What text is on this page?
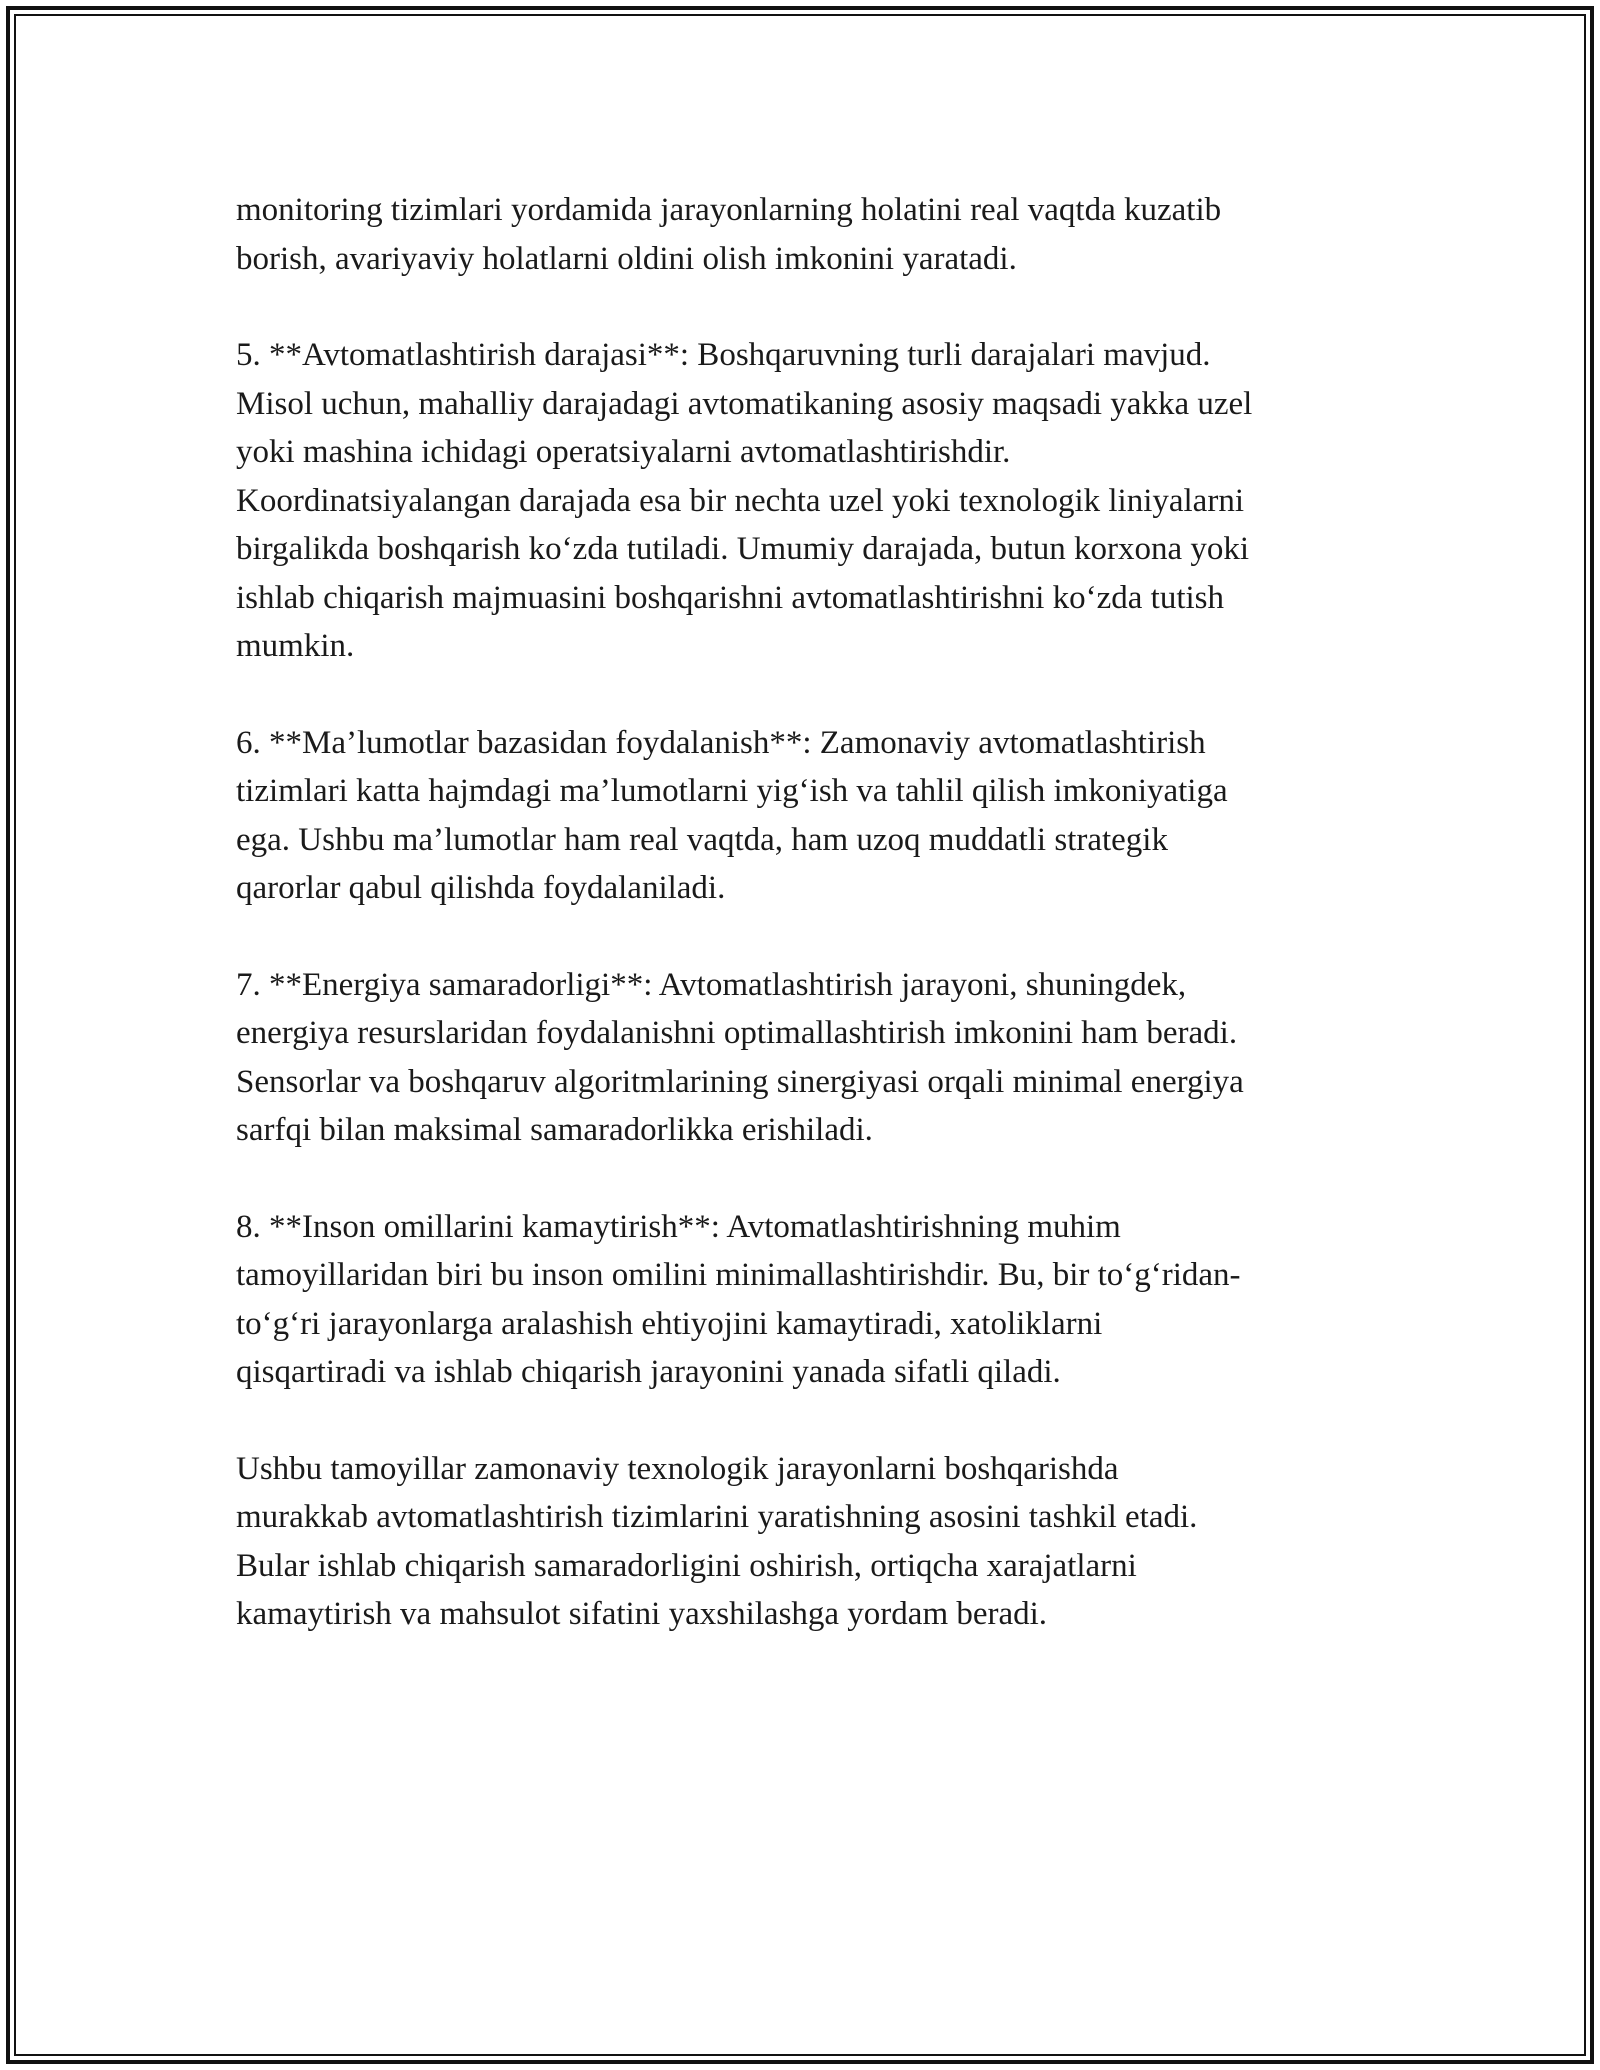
monitoring tizimlari yordamida jarayonlarning holatini real vaqtda kuzatib
borish, avariyaviy holatlarni oldini olish imkonini yaratadi.

5. **Avtomatlashtirish darajasi**: Boshqaruvning turli darajalari mavjud.
Misol uchun, mahalliy darajadagi avtomatikaning asosiy maqsadi yakka uzel
yoki mashina ichidagi operatsiyalarni avtomatlashtirishdir.
Koordinatsiyalangan darajada esa bir nechta uzel yoki texnologik liniyalarni
birgalikda boshqarish ko‘zda tutiladi. Umumiy darajada, butun korxona yoki
ishlab chiqarish majmuasini boshqarishni avtomatlashtirishni ko‘zda tutish
mumkin.

6. **Ma’lumotlar bazasidan foydalanish**: Zamonaviy avtomatlashtirish
tizimlari katta hajmdagi ma’lumotlarni yig‘ish va tahlil qilish imkoniyatiga
ega. Ushbu ma’lumotlar ham real vaqtda, ham uzoq muddatli strategik
qarorlar qabul qilishda foydalaniladi.

7. **Energiya samaradorligi**: Avtomatlashtirish jarayoni, shuningdek,
energiya resurslaridan foydalanishni optimallashtirish imkonini ham beradi.
Sensorlar va boshqaruv algoritmlarining sinergiyasi orqali minimal energiya
sarfqi bilan maksimal samaradorlikka erishiladi.

8. **Inson omillarini kamaytirish**: Avtomatlashtirishning muhim
tamoyillaridan biri bu inson omilini minimallashtirishdir. Bu, bir to‘g‘ridan-
to‘g‘ri jarayonlarga aralashish ehtiyojini kamaytiradi, xatoliklarni
qisqartiradi va ishlab chiqarish jarayonini yanada sifatli qiladi.

Ushbu tamoyillar zamonaviy texnologik jarayonlarni boshqarishda
murakkab avtomatlashtirish tizimlarini yaratishning asosini tashkil etadi.
Bular ishlab chiqarish samaradorligini oshirish, ortiqcha xarajatlarni
kamaytirish va mahsulot sifatini yaxshilashga yordam beradi.
